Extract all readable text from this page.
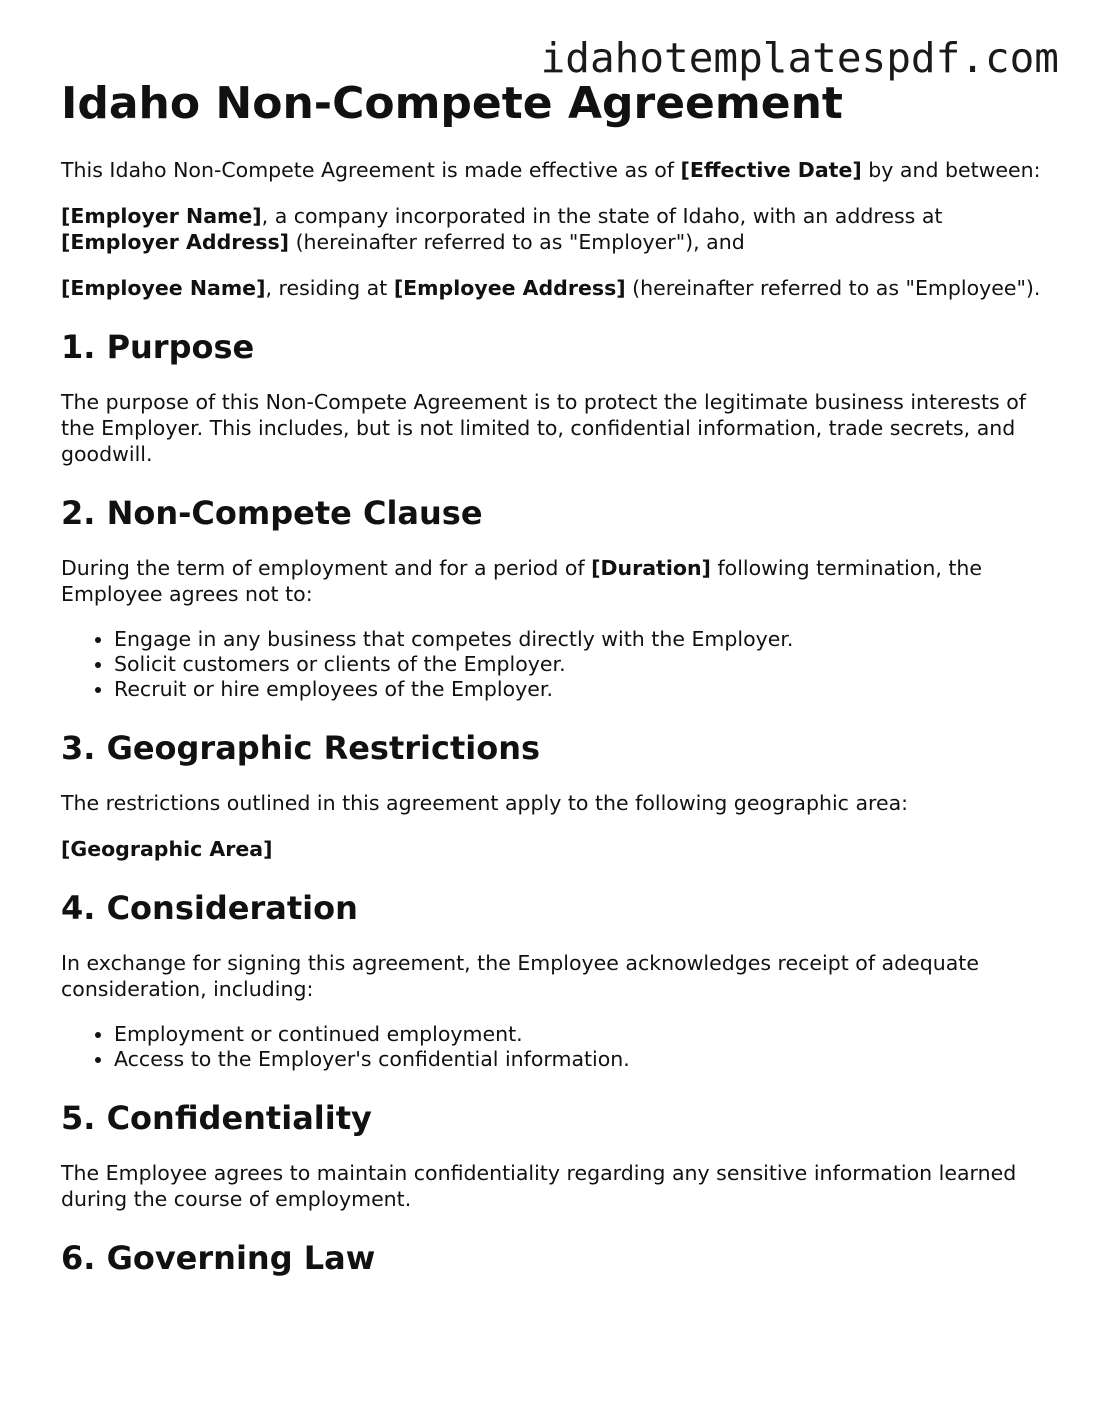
idahotemplatespdf.com
Idaho Non-Compete Agreement

This Idaho Non-Compete Agreement is made effective as of [Effective Date] by and between:

[Employer Name], a company incorporated in the state of Idaho, with an address at [Employer Address] (hereinafter referred to as "Employer"), and

[Employee Name], residing at [Employee Address] (hereinafter referred to as "Employee").

1. Purpose

The purpose of this Non-Compete Agreement is to protect the legitimate business interests of the Employer. This includes, but is not limited to, confidential information, trade secrets, and goodwill.

2. Non-Compete Clause

During the term of employment and for a period of [Duration] following termination, the Employee agrees not to:

• Engage in any business that competes directly with the Employer.
• Solicit customers or clients of the Employer.
• Recruit or hire employees of the Employer.
3. Geographic Restrictions

The restrictions outlined in this agreement apply to the following geographic area:

[Geographic Area]

4. Consideration

In exchange for signing this agreement, the Employee acknowledges receipt of adequate consideration, including:

• Employment or continued employment.
• Access to the Employer's confidential information.
5. Confidentiality

The Employee agrees to maintain confidentiality regarding any sensitive information learned during the course of employment.

6. Governing Law
